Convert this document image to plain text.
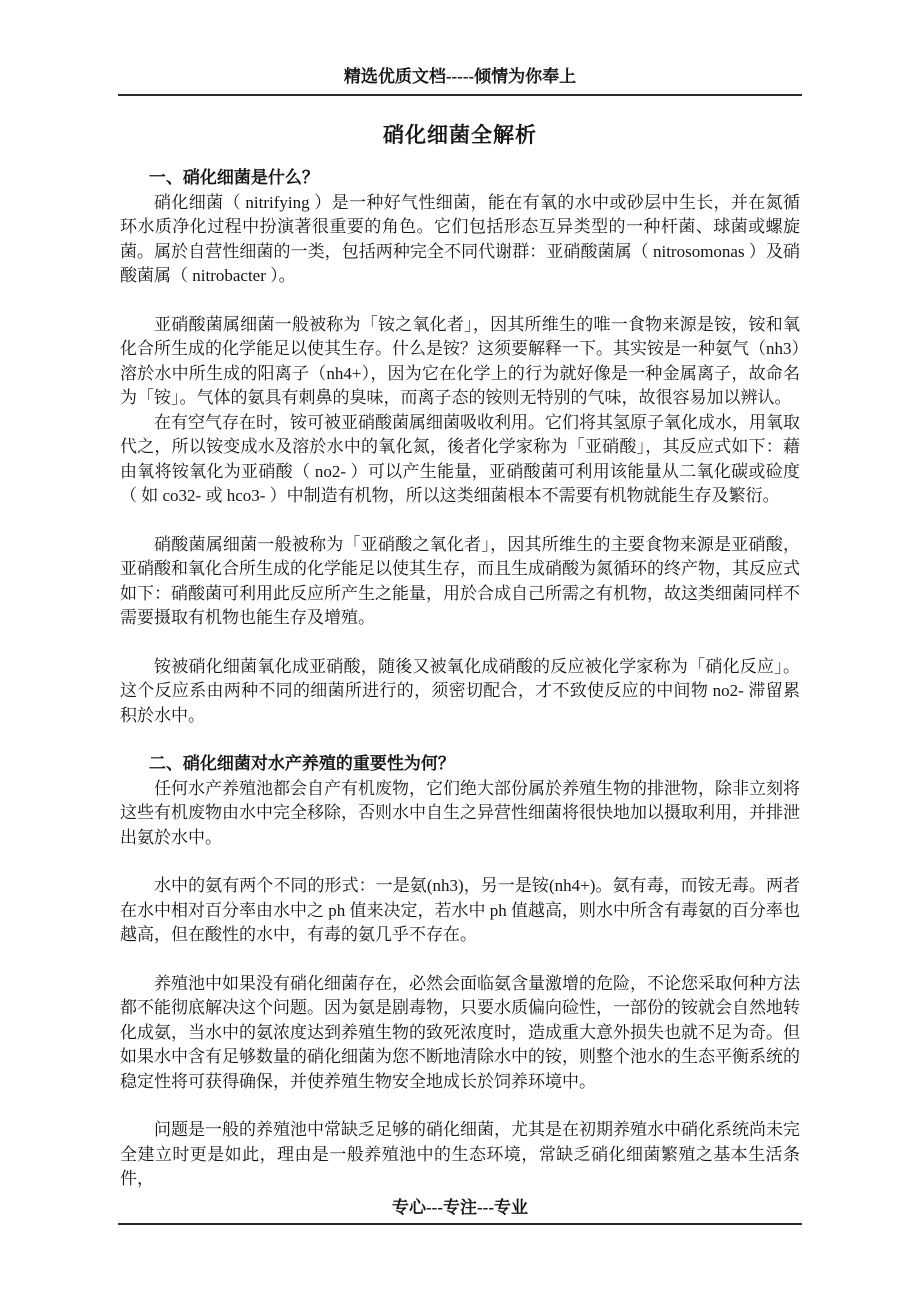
精选优质文档-----倾情为你奉上
硝化细菌全解析
一、硝化细菌是什么？

硝化细菌（ nitrifying ）是一种好气性细菌，能在有氧的水中或砂层中生长，并在氮循环水质净化过程中扮演著很重要的角色。它们包括形态互异类型的一种杆菌、球菌或螺旋菌。属於自营性细菌的一类，包括两种完全不同代谢群：亚硝酸菌属（ nitrosomonas ）及硝酸菌属（ nitrobacter ）。

亚硝酸菌属细菌一般被称为「铵之氧化者」，因其所维生的唯一食物来源是铵，铵和氧化合所生成的化学能足以使其生存。什么是铵？这须要解释一下。其实铵是一种氨气（nh3）溶於水中所生成的阳离子（nh4+），因为它在化学上的行为就好像是一种金属离子，故命名为「铵」。气体的氨具有刺鼻的臭味，而离子态的铵则无特别的气味，故很容易加以辨认。

在有空气存在时，铵可被亚硝酸菌属细菌吸收利用。它们将其氢原子氧化成水，用氧取代之，所以铵变成水及溶於水中的氧化氮，後者化学家称为「亚硝酸」，其反应式如下：藉由氧将铵氧化为亚硝酸（ no2- ）可以产生能量，亚硝酸菌可利用该能量从二氧化碳或硷度（ 如 co32- 或 hco3- ）中制造有机物，所以这类细菌根本不需要有机物就能生存及繁衍。

硝酸菌属细菌一般被称为「亚硝酸之氧化者」，因其所维生的主要食物来源是亚硝酸，亚硝酸和氧化合所生成的化学能足以使其生存，而且生成硝酸为氮循环的终产物，其反应式如下：硝酸菌可利用此反应所产生之能量，用於合成自己所需之有机物，故这类细菌同样不需要摄取有机物也能生存及增殖。

铵被硝化细菌氧化成亚硝酸，随後又被氧化成硝酸的反应被化学家称为「硝化反应」。这个反应系由两种不同的细菌所进行的，须密切配合，才不致使反应的中间物 no2- 滞留累积於水中。

二、硝化细菌对水产养殖的重要性为何？

任何水产养殖池都会自产有机废物，它们绝大部份属於养殖生物的排泄物，除非立刻将这些有机废物由水中完全移除，否则水中自生之异营性细菌将很快地加以摄取利用，并排泄出氨於水中。

水中的氨有两个不同的形式：一是氨(nh3)，另一是铵(nh4+)。氨有毒，而铵无毒。两者在水中相对百分率由水中之 ph 值来决定，若水中 ph 值越高，则水中所含有毒氨的百分率也越高，但在酸性的水中，有毒的氨几乎不存在。

养殖池中如果没有硝化细菌存在，必然会面临氨含量激增的危险，不论您采取何种方法都不能彻底解决这个问题。因为氨是剧毒物，只要水质偏向硷性，一部份的铵就会自然地转化成氨，当水中的氨浓度达到养殖生物的致死浓度时，造成重大意外损失也就不足为奇。但如果水中含有足够数量的硝化细菌为您不断地清除水中的铵，则整个池水的生态平衡系统的稳定性将可获得确保，并使养殖生物安全地成长於饲养环境中。

问题是一般的养殖池中常缺乏足够的硝化细菌，尤其是在初期养殖水中硝化系统尚未完全建立时更是如此，理由是一般养殖池中的生态环境，常缺乏硝化细菌繁殖之基本生活条件，

专心---专注---专业
